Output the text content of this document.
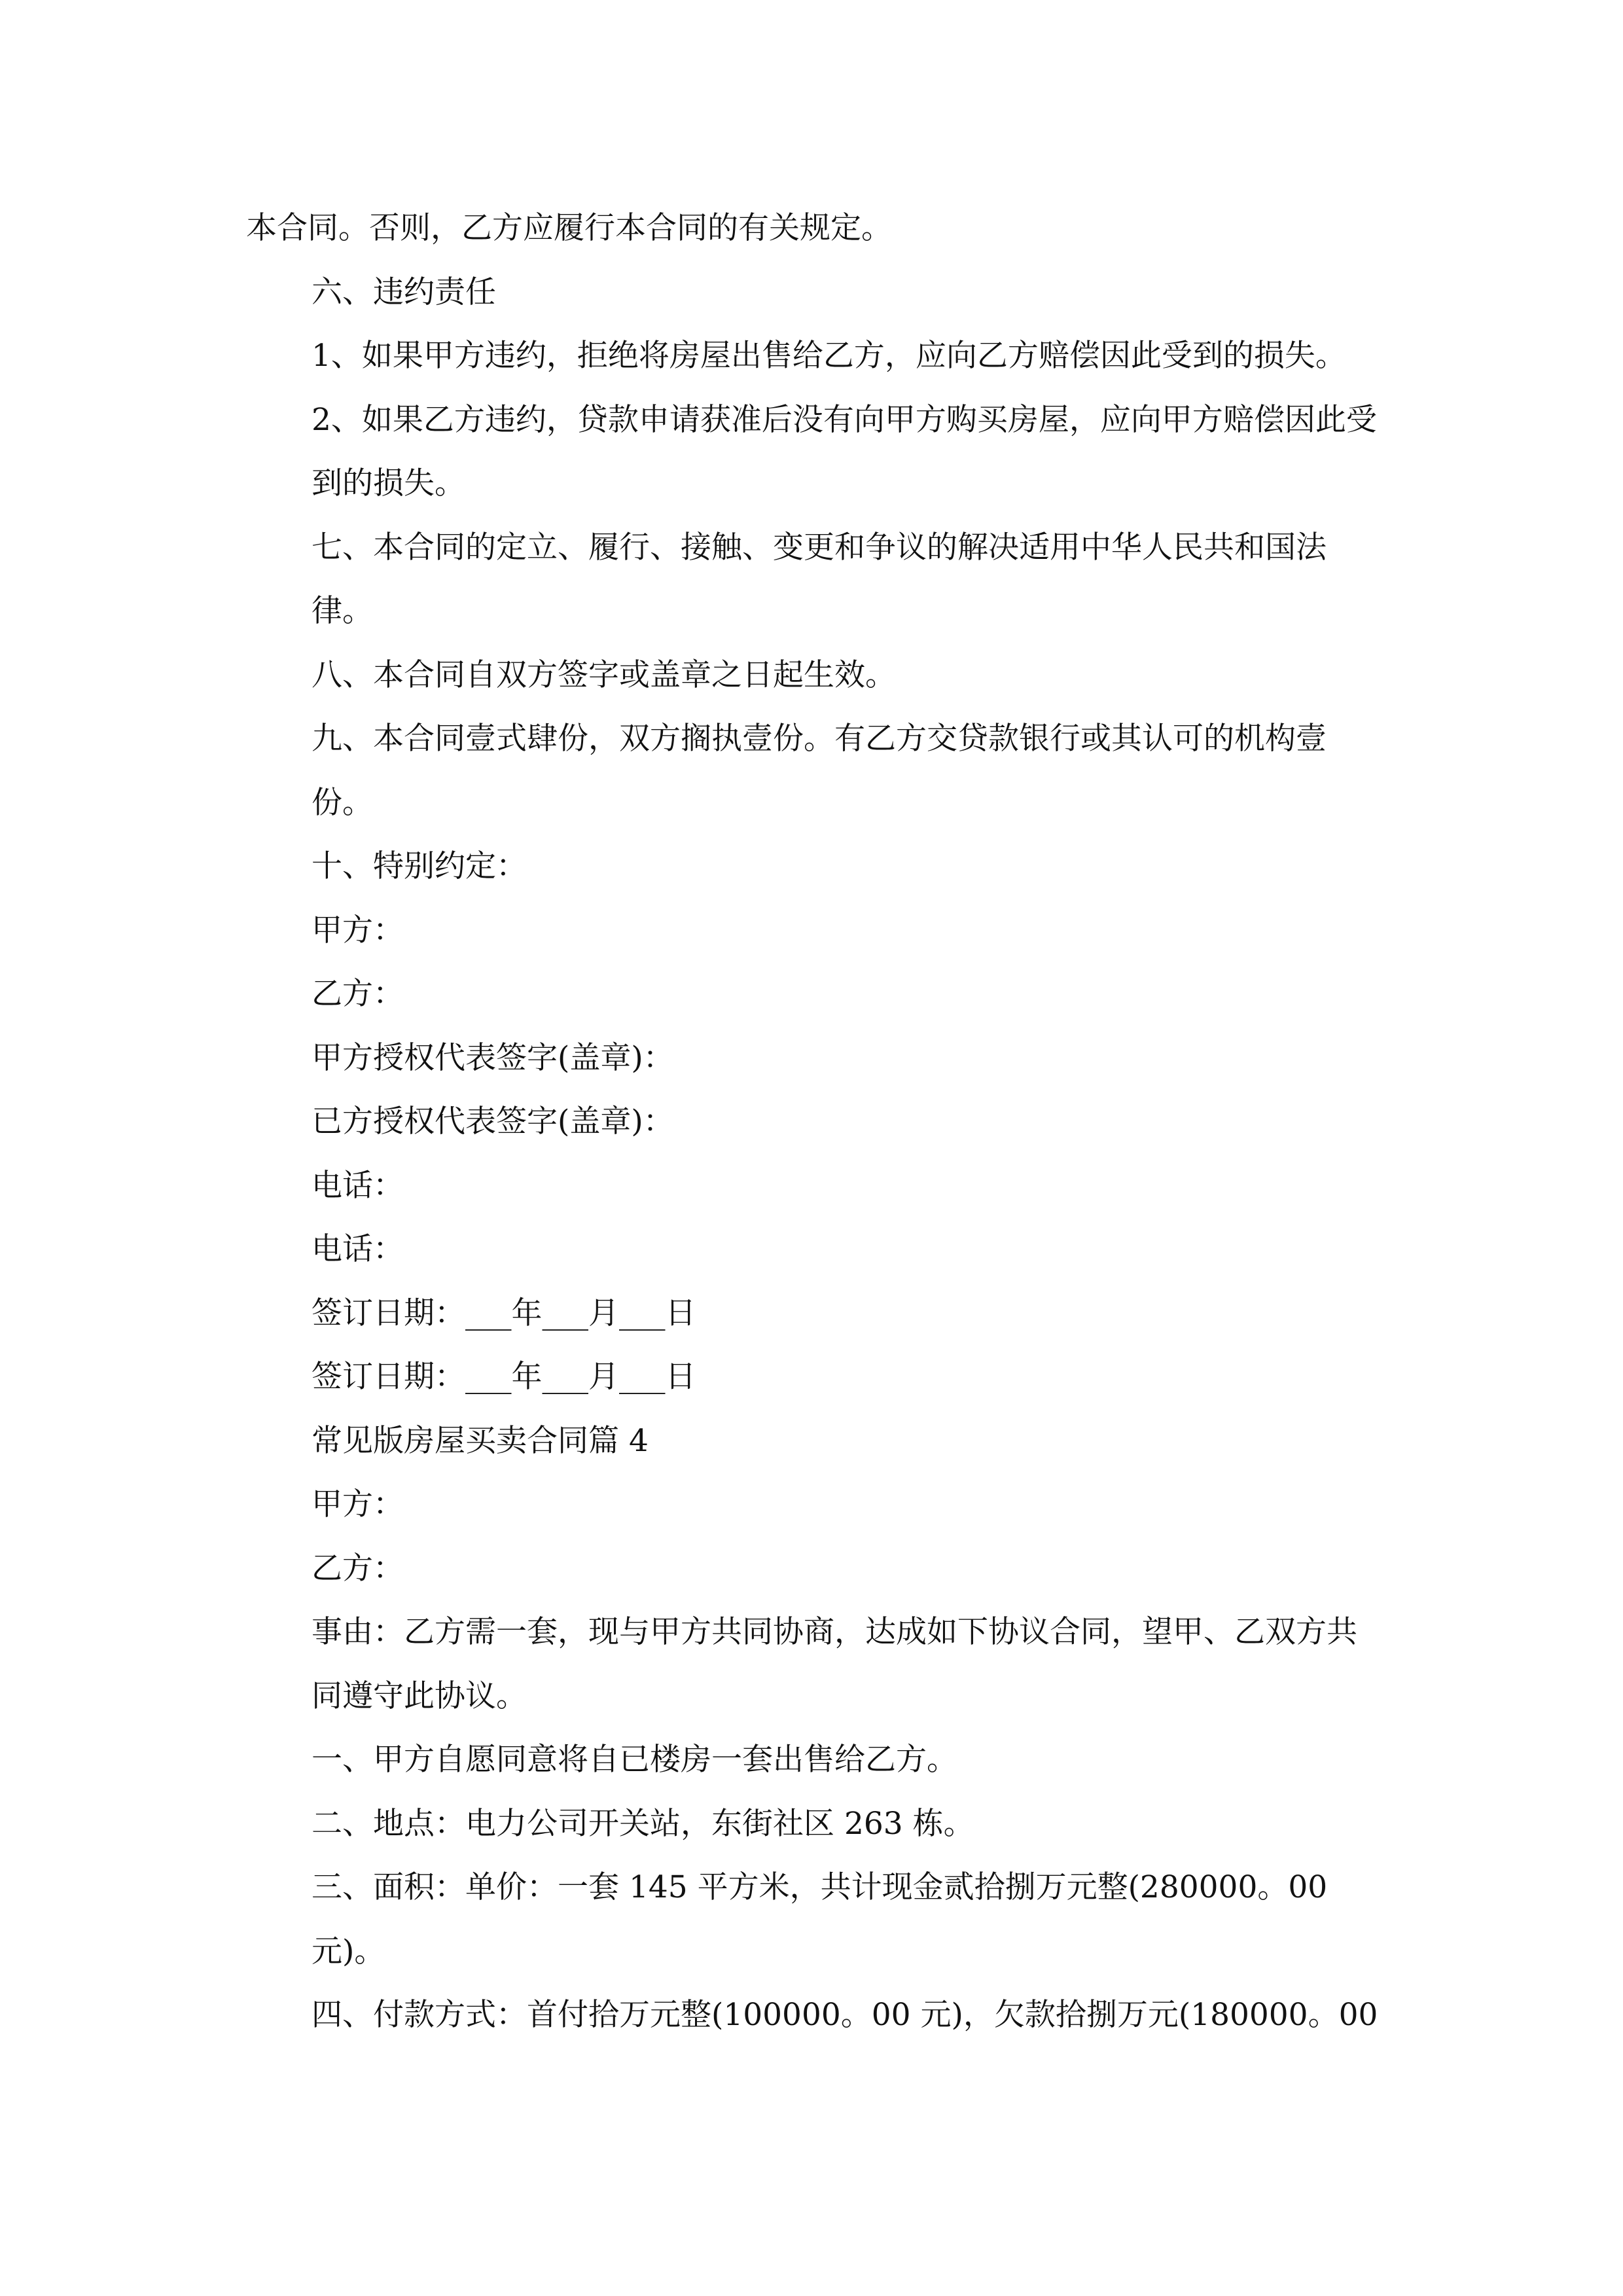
本合同。否则，乙方应履行本合同的有关规定。

六、违约责任

1、如果甲方违约，拒绝将房屋出售给乙方，应向乙方赔偿因此受到的损失。

2、如果乙方违约，贷款申请获准后没有向甲方购买房屋，应向甲方赔偿因此受到的损失。

七、本合同的定立、履行、接触、变更和争议的解决适用中华人民共和国法律。

八、本合同自双方签字或盖章之日起生效。

九、本合同壹式肆份，双方搁执壹份。有乙方交贷款银行或其认可的机构壹份。

十、特别约定：

甲方：

乙方：

甲方授权代表签字(盖章)：

已方授权代表签字(盖章)：

电话：

电话：

签订日期：___年___月___日

签订日期：___年___月___日

常见版房屋买卖合同篇 4

甲方：

乙方：

事由：乙方需一套，现与甲方共同协商，达成如下协议合同，望甲、乙双方共同遵守此协议。

一、甲方自愿同意将自已楼房一套出售给乙方。

二、地点：电力公司开关站，东街社区 263 栋。

三、面积：单价：一套 145 平方米，共计现金贰拾捌万元整(280000。00元)。

四、付款方式：首付拾万元整(100000。00 元)，欠款拾捌万元(180000。00
